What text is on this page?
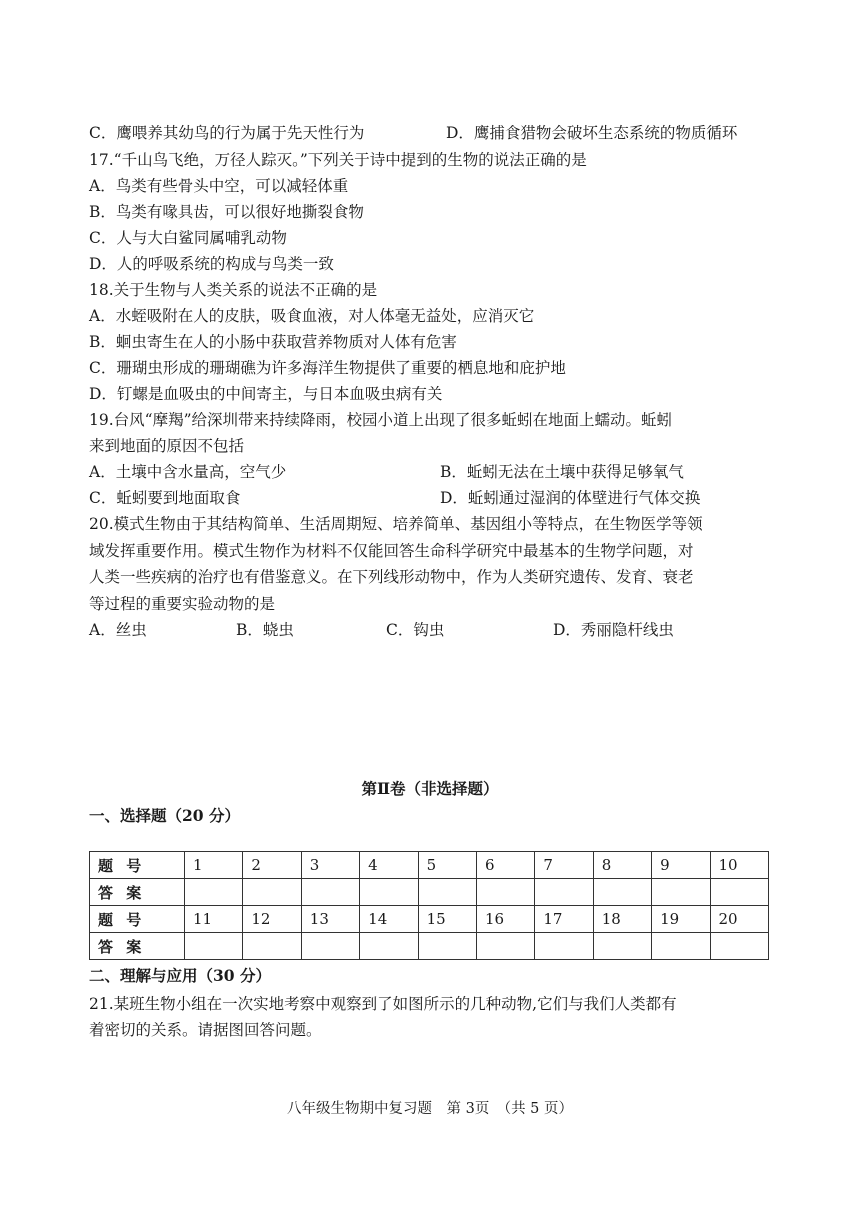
C．鹰喂养其幼鸟的行为属于先天性行为	D．鹰捕食猎物会破坏生态系统的物质循环
17.“千山鸟飞绝，万径人踪灭。”下列关于诗中提到的生物的说法正确的是
A．鸟类有些骨头中空，可以减轻体重
B．鸟类有喙具齿，可以很好地撕裂食物
C．人与大白鲨同属哺乳动物
D．人的呼吸系统的构成与鸟类一致
18.关于生物与人类关系的说法不正确的是
A．水蛭吸附在人的皮肤，吸食血液，对人体毫无益处，应消灭它
B．蛔虫寄生在人的小肠中获取营养物质对人体有危害
C．珊瑚虫形成的珊瑚礁为许多海洋生物提供了重要的栖息地和庇护地
D．钉螺是血吸虫的中间寄主，与日本血吸虫病有关
19.台风“摩羯”给深圳带来持续降雨，校园小道上出现了很多蚯蚓在地面上蠕动。蚯蚓
来到地面的原因不包括
A．土壤中含水量高，空气少	B．蚯蚓无法在土壤中获得足够氧气
C．蚯蚓要到地面取食	D．蚯蚓通过湿润的体壁进行气体交换
20.模式生物由于其结构简单、生活周期短、培养简单、基因组小等特点，在生物医学等领
域发挥重要作用。模式生物作为材料不仅能回答生命科学研究中最基本的生物学问题，对
人类一些疾病的治疗也有借鉴意义。在下列线形动物中，作为人类研究遗传、发育、衰老
等过程的重要实验动物的是
A．丝虫	B．蛲虫	C．钩虫	D．秀丽隐杆线虫
第Ⅱ卷（非选择题）
一、选择题（20 分）
题 号	1	2	3	4	5	6	7	8	9	10
答 案										
题 号	11	12	13	14	15	16	17	18	19	20
答 案										
二、理解与应用（30 分）
21.某班生物小组在一次实地考察中观察到了如图所示的几种动物,它们与我们人类都有
着密切的关系。请据图回答问题。
八年级生物期中复习题　第 3页　（共 5 页）
